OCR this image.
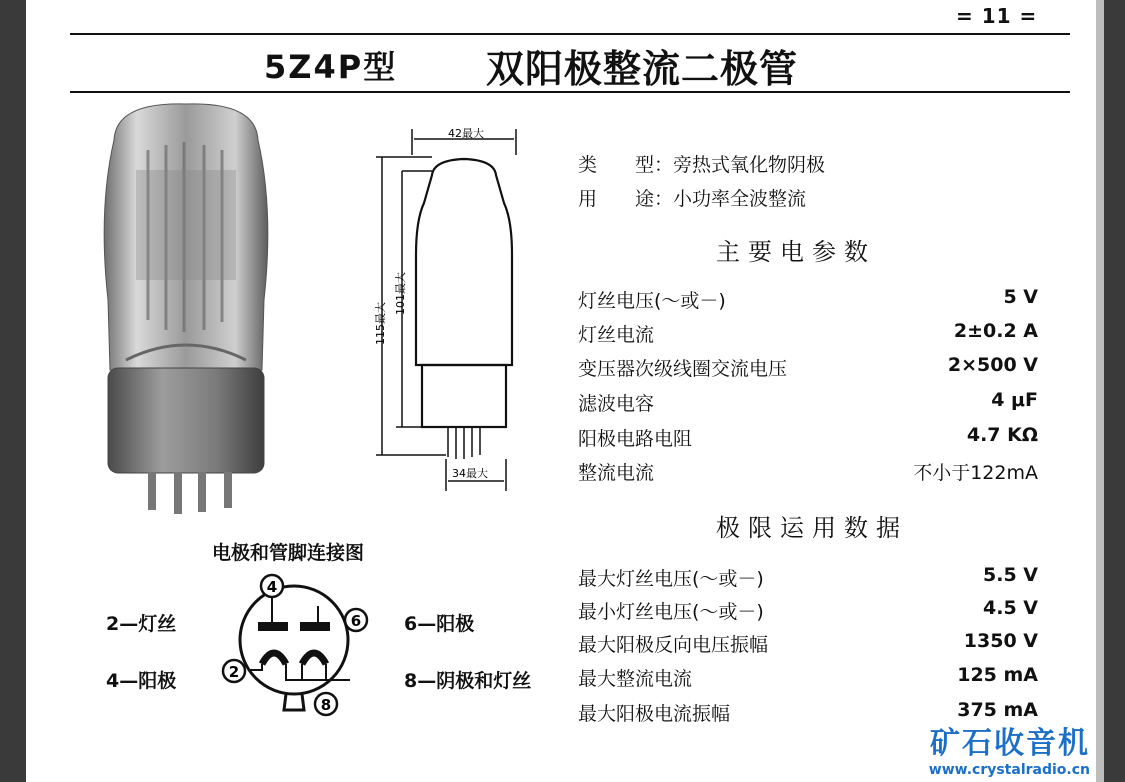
= 11 =
5Z4P型 双阳极整流二极管
42最大
34最大
115最大
101最大
类　　型：旁热式氧化物阴极
用　　途：小功率全波整流
主要电参数
灯丝电压(～或－)	5 V
灯丝电流	2±0.2 A
变压器次级线圈交流电压	2×500 V
滤波电容	4 μF
阳极电路电阻	4.7 KΩ
整流电流	不小于122mA
极限运用数据
最大灯丝电压(～或－)	5.5 V
最小灯丝电压(～或－)	4.5 V
最大阳极反向电压振幅	1350 V
最大整流电流	125 mA
最大阳极电流振幅	375 mA
电极和管脚连接图
2—灯丝
4—阳极
6—阳极
8—阴极和灯丝
4
6
2
8
矿石收音机
www.crystalradio.cn
